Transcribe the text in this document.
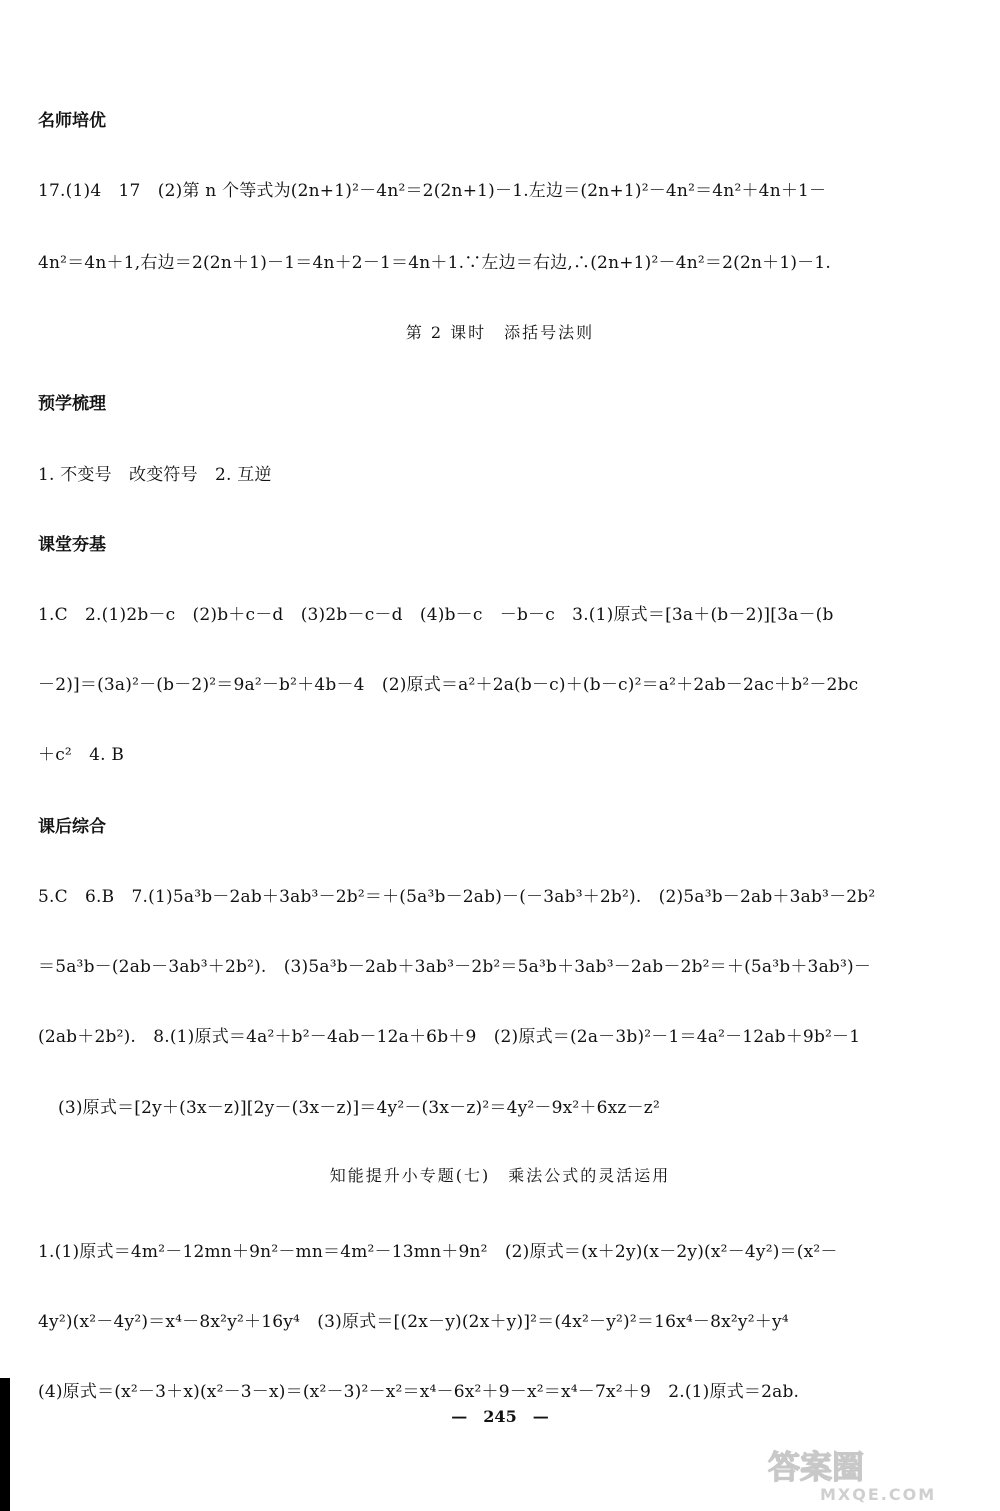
名师培优
17.(1)4　17　(2)第 n 个等式为(2n+1)²－4n²＝2(2n+1)－1.左边＝(2n+1)²－4n²＝4n²＋4n＋1－
4n²＝4n＋1,右边＝2(2n＋1)－1＝4n＋2－1＝4n＋1.∵左边＝右边,∴(2n+1)²－4n²＝2(2n＋1)－1.
第 2 课时　添括号法则
预学梳理
1. 不变号　改变符号　2. 互逆
课堂夯基
1.C　2.(1)2b－c　(2)b＋c－d　(3)2b－c－d　(4)b－c　－b－c　3.(1)原式＝[3a＋(b－2)][3a－(b
－2)]＝(3a)²－(b－2)²＝9a²－b²＋4b－4　(2)原式＝a²＋2a(b－c)＋(b－c)²＝a²＋2ab－2ac＋b²－2bc
＋c²　4. B
课后综合
5.C　6.B　7.(1)5a³b－2ab＋3ab³－2b²＝＋(5a³b－2ab)－(－3ab³＋2b²).　(2)5a³b－2ab＋3ab³－2b²
＝5a³b－(2ab－3ab³＋2b²).　(3)5a³b－2ab＋3ab³－2b²＝5a³b＋3ab³－2ab－2b²＝＋(5a³b＋3ab³)－
(2ab＋2b²).　8.(1)原式＝4a²＋b²－4ab－12a＋6b＋9　(2)原式＝(2a－3b)²－1＝4a²－12ab＋9b²－1
(3)原式＝[2y＋(3x－z)][2y－(3x－z)]＝4y²－(3x－z)²＝4y²－9x²＋6xz－z²
知能提升小专题(七)　乘法公式的灵活运用
1.(1)原式＝4m²－12mn＋9n²－mn＝4m²－13mn＋9n²　(2)原式＝(x＋2y)(x－2y)(x²－4y²)＝(x²－
4y²)(x²－4y²)＝x⁴－8x²y²＋16y⁴　(3)原式＝[(2x－y)(2x＋y)]²＝(4x²－y²)²＝16x⁴－8x²y²＋y⁴
(4)原式＝(x²－3＋x)(x²－3－x)＝(x²－3)²－x²＝x⁴－6x²＋9－x²＝x⁴－7x²＋9　2.(1)原式＝2ab.
—　245　—
答案圈
MXQE.COM
